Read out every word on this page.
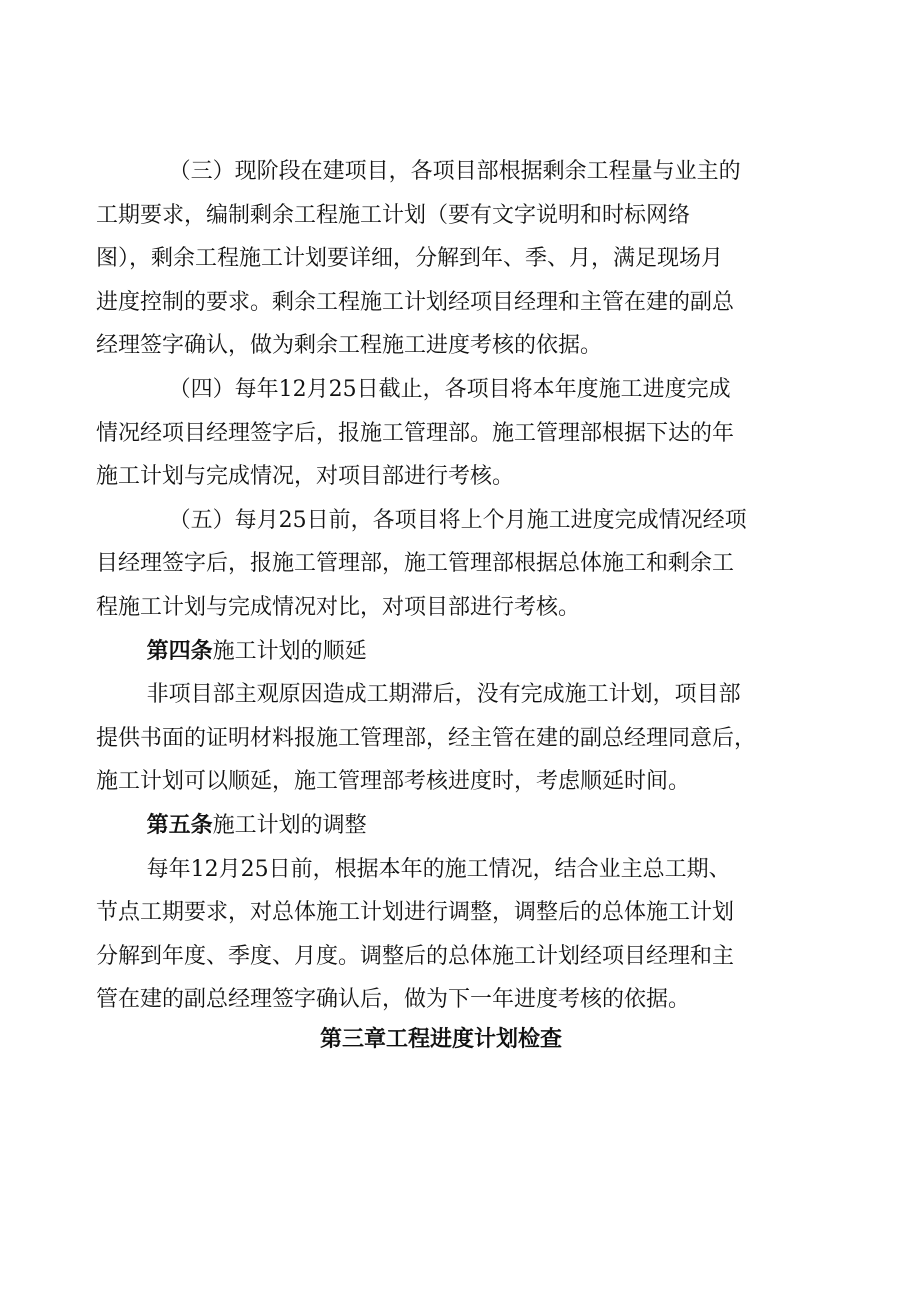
（三）现阶段在建项目，各项目部根据剩余工程量与业主的
工期要求，编制剩余工程施工计划（要有文字说明和时标网络
图），剩余工程施工计划要详细，分解到年、季、月，满足现场月
进度控制的要求。剩余工程施工计划经项目经理和主管在建的副总
经理签字确认，做为剩余工程施工进度考核的依据。

（四）每年12月25日截止，各项目将本年度施工进度完成
情况经项目经理签字后，报施工管理部。施工管理部根据下达的年
施工计划与完成情况，对项目部进行考核。

（五）每月25日前，各项目将上个月施工进度完成情况经项
目经理签字后，报施工管理部，施工管理部根据总体施工和剩余工
程施工计划与完成情况对比，对项目部进行考核。

第四条施工计划的顺延

非项目部主观原因造成工期滞后，没有完成施工计划，项目部
提供书面的证明材料报施工管理部，经主管在建的副总经理同意后，
施工计划可以顺延，施工管理部考核进度时，考虑顺延时间。

第五条施工计划的调整

每年12月25日前，根据本年的施工情况，结合业主总工期、
节点工期要求，对总体施工计划进行调整，调整后的总体施工计划
分解到年度、季度、月度。调整后的总体施工计划经项目经理和主
管在建的副总经理签字确认后，做为下一年进度考核的依据。

第三章工程进度计划检查
